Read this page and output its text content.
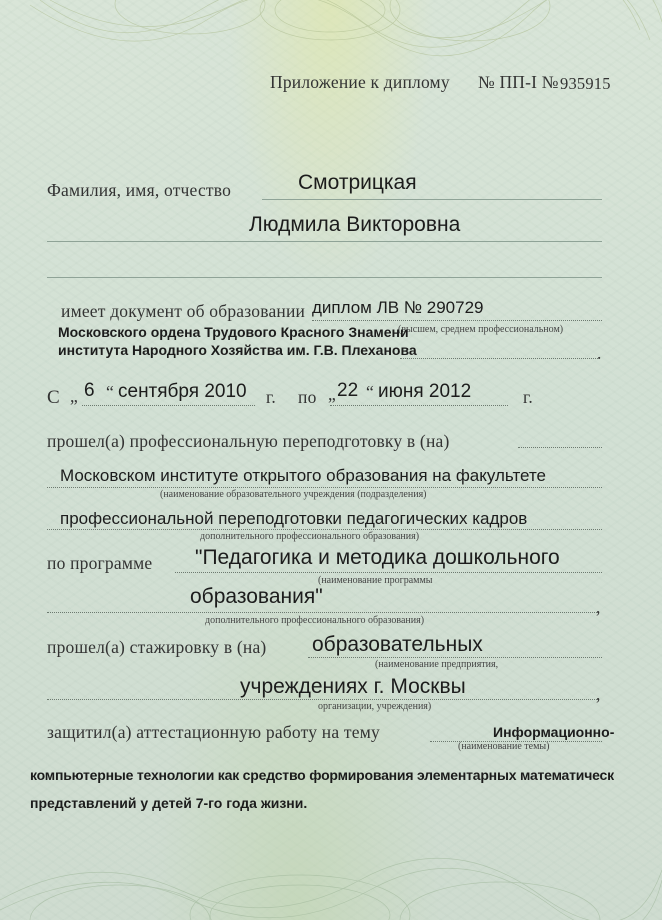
Приложение к диплому № ПП-I № 935915
Фамилия, имя, отчество	Смотрицкая
Людмила Викторовна
имеет документ об образовании диплом ЛВ № 290729
(высшем, среднем профессиональном)
Московского ордена Трудового Красного Знамени
института Народного Хозяйства им. Г.В. Плеханова	.
С „ 6 “ сентября 2010 г. по „ 22 “ июня 2012	г.
прошел(а) профессиональную переподготовку в (на)
Московском институте открытого образования на факультете
(наименование образовательного учреждения (подразделения)
профессиональной переподготовки педагогических кадров
дополнительного профессионального образования)
по программе "Педагогика и методика дошкольного
(наименование программы
образования"
дополнительного профессионального образования)
,
прошел(а) стажировку в (на) образовательных
(наименование предприятия,
учреждениях г. Москвы
организации, учреждения)
,
защитил(а) аттестационную работу на тему	Информационно-
(наименование темы)
компьютерные технологии как средство формирования элементарных математическ
представлений у детей 7-го года жизни.
